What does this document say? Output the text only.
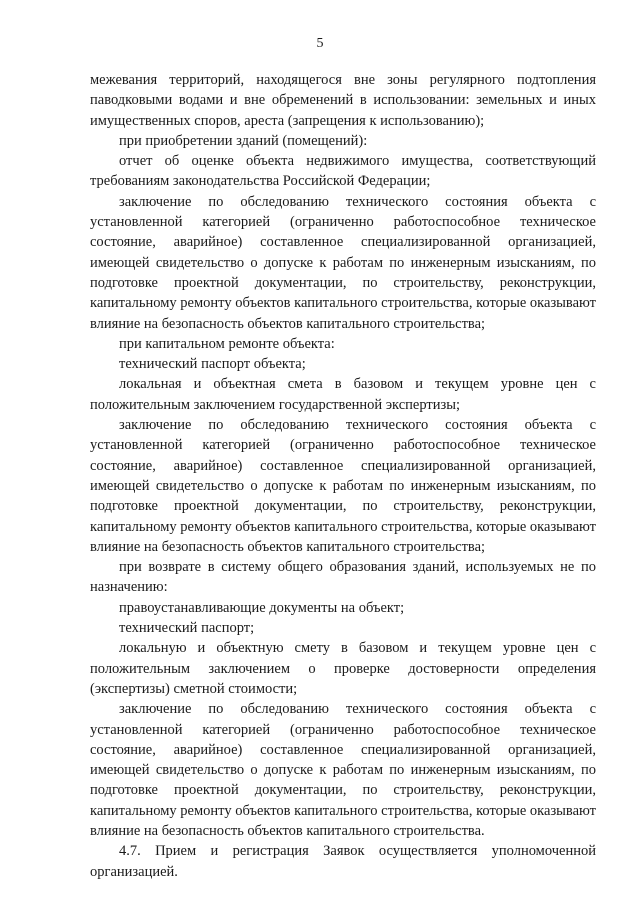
5

межевания территорий, находящегося вне зоны регулярного подтопления паводковыми водами и вне обременений в использовании: земельных и иных имущественных споров, ареста (запрещения к использованию);

при приобретении зданий (помещений):

отчет об оценке объекта недвижимого имущества, соответствующий требованиям законодательства Российской Федерации;

заключение по обследованию технического состояния объекта с установленной категорией (ограниченно работоспособное техническое состояние, аварийное) составленное специализированной организацией, имеющей свидетельство о допуске к работам по инженерным изысканиям, по подготовке проектной документации, по строительству, реконструкции, капитальному ремонту объектов капитального строительства, которые оказывают влияние на безопасность объектов капитального строительства;

при капитальном ремонте объекта:

технический паспорт объекта;

локальная и объектная смета в базовом и текущем уровне цен с положительным заключением государственной экспертизы;

заключение по обследованию технического состояния объекта с установленной категорией (ограниченно работоспособное техническое состояние, аварийное) составленное специализированной организацией, имеющей свидетельство о допуске к работам по инженерным изысканиям, по подготовке проектной документации, по строительству, реконструкции, капитальному ремонту объектов капитального строительства, которые оказывают влияние на безопасность объектов капитального строительства;

при возврате в систему общего образования зданий, используемых не по назначению:

правоустанавливающие документы на объект;

технический паспорт;

локальную и объектную смету в базовом и текущем уровне цен с положительным заключением о проверке достоверности определения (экспертизы) сметной стоимости;

заключение по обследованию технического состояния объекта с установленной категорией (ограниченно работоспособное техническое состояние, аварийное) составленное специализированной организацией, имеющей свидетельство о допуске к работам по инженерным изысканиям, по подготовке проектной документации, по строительству, реконструкции, капитальному ремонту объектов капитального строительства, которые оказывают влияние на безопасность объектов капитального строительства.

4.7. Прием и регистрация Заявок осуществляется уполномоченной организацией.
